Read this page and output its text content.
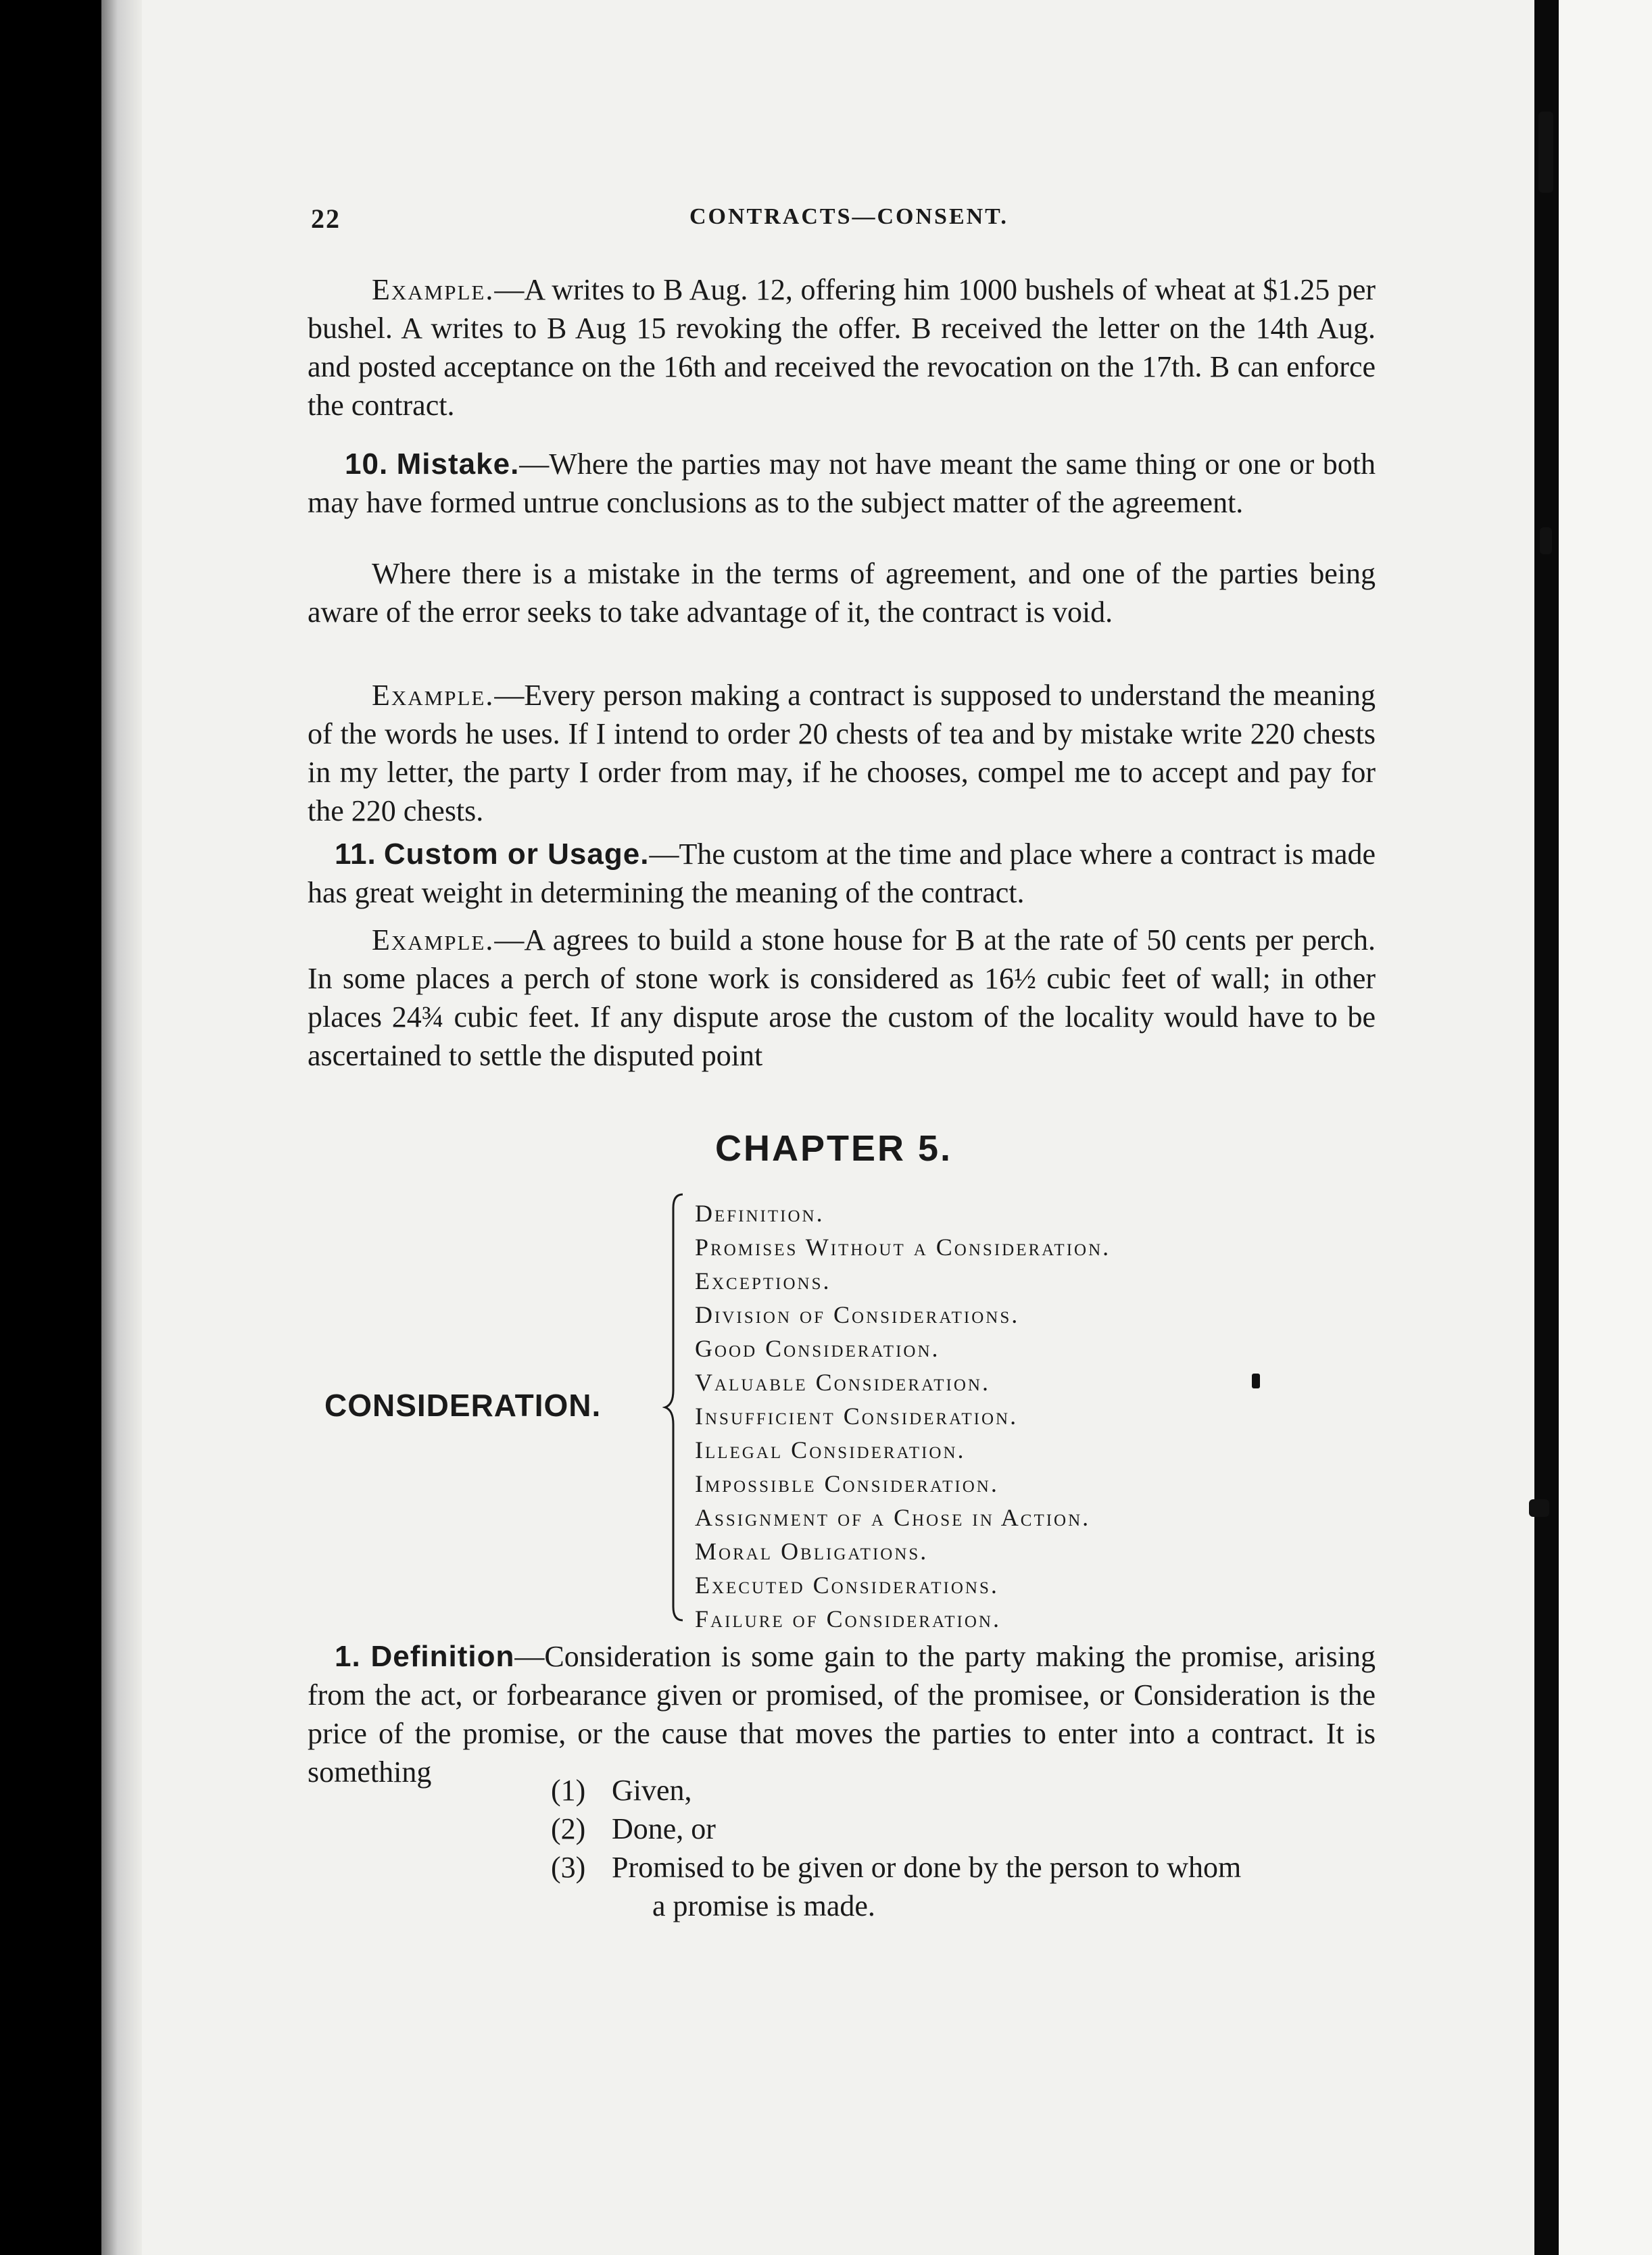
22	CONTRACTS—CONSENT.

Example.—A writes to B Aug. 12, offering him 1000 bushels of wheat at $1.25 per bushel. A writes to B Aug 15 revoking the offer. B received the letter on the 14th Aug. and posted acceptance on the 16th and received the revocation on the 17th. B can enforce the contract.

10. Mistake.—Where the parties may not have meant the same thing or one or both may have formed untrue conclusions as to the subject matter of the agreement.

Where there is a mistake in the terms of agreement, and one of the parties being aware of the error seeks to take advantage of it, the contract is void.

Example.—Every person making a contract is supposed to understand the meaning of the words he uses. If I intend to order 20 chests of tea and by mistake write 220 chests in my letter, the party I order from may, if he chooses, compel me to accept and pay for the 220 chests.

11. Custom or Usage.—The custom at the time and place where a contract is made has great weight in determining the meaning of the contract.

Example.—A agrees to build a stone house for B at the rate of 50 cents per perch. In some places a perch of stone work is considered as 16½ cubic feet of wall; in other places 24¾ cubic feet. If any dispute arose the custom of the locality would have to be ascertained to settle the disputed point

CHAPTER 5.
CONSIDERATION.
Definition.
Promises Without a Consideration.
Exceptions.
Division of Considerations.
Good Consideration.
Valuable Consideration.
Insufficient Consideration.
Illegal Consideration.
Impossible Consideration.
Assignment of a Chose in Action.
Moral Obligations.
Executed Considerations.
Failure of Consideration.

1. Definition—Consideration is some gain to the party making the promise, arising from the act, or forbearance given or promised, of the promisee, or Consideration is the price of the promise, or the cause that moves the parties to enter into a contract. It is something

(1) Given,
(2) Done, or
(3) Promised to be given or done by the person to whom
a promise is made.
